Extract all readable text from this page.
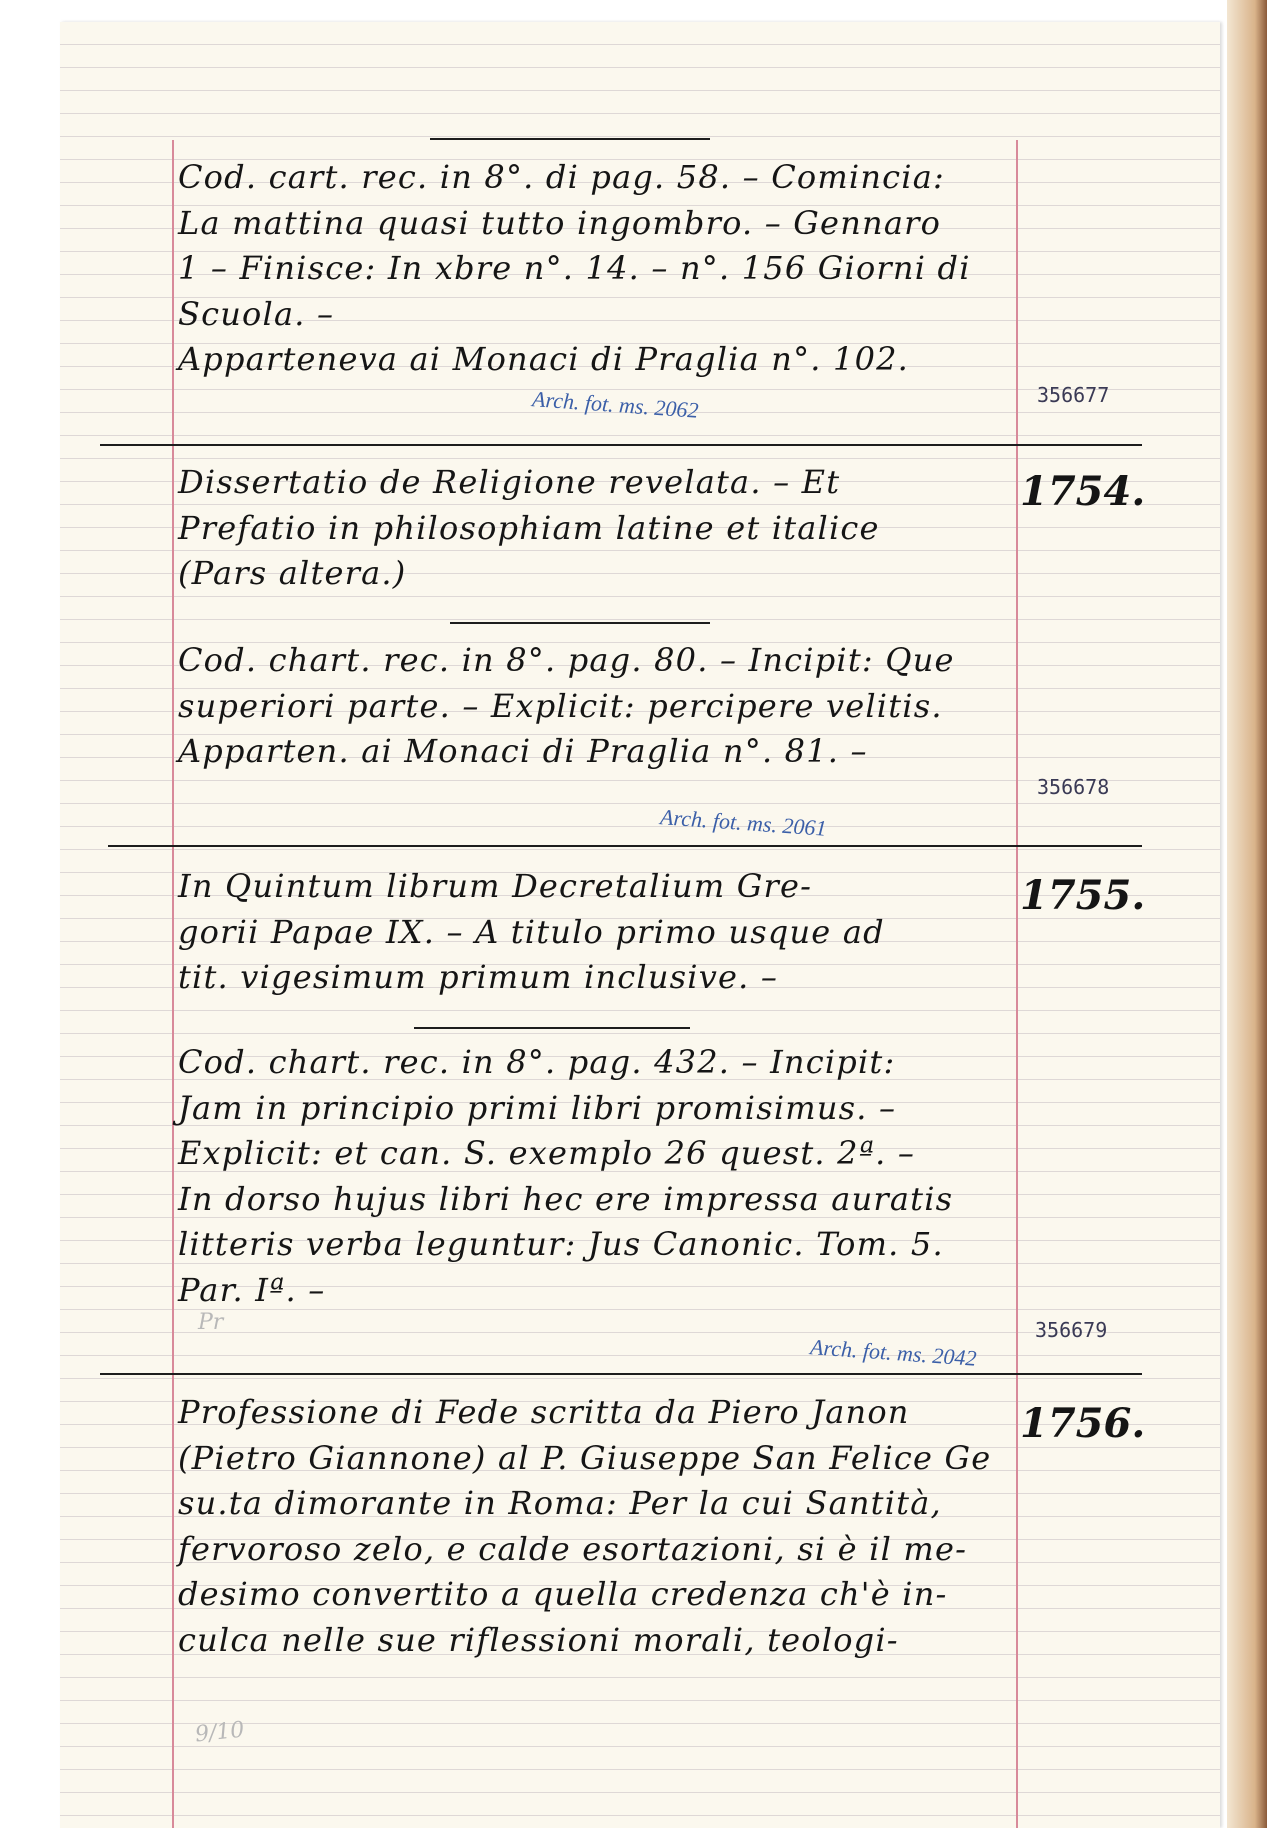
Cod. cart. rec. in 8°. di pag. 58. – Comincia:
La mattina quasi tutto ingombro. – Gennaro
1 – Finisce: In xbre n°. 14. – n°. 156 Giorni di
Scuola. –
Apparteneva ai Monaci di Praglia n°. 102.
Arch. fot. ms. 2062	356677
Dissertatio de Religione revelata. – Et
Prefatio in philosophiam latine et italice
(Pars altera.)
1754.
Cod. chart. rec. in 8°. pag. 80. – Incipit: Que
superiori parte. – Explicit: percipere velitis.
Apparten. ai Monaci di Praglia n°. 81. –
356678
Arch. fot. ms. 2061
In Quintum librum Decretalium Gre-
gorii Papae IX. – A titulo primo usque ad
tit. vigesimum primum inclusive. –
1755.
Cod. chart. rec. in 8°. pag. 432. – Incipit:
Jam in principio primi libri promisimus. –
Explicit: et can. S. exemplo 26 quest. 2ª. –
In dorso hujus libri hec ere impressa auratis
litteris verba leguntur: Jus Canonic. Tom. 5.
Par. Iª. –
Pr	356679
Arch. fot. ms. 2042
Professione di Fede scritta da Piero Janon
(Pietro Giannone) al P. Giuseppe San Felice Ge
su.ta dimorante in Roma: Per la cui Santità,
fervoroso zelo, e calde esortazioni, si è il me-
desimo convertito a quella credenza ch'è in-
culca nelle sue riflessioni morali, teologi-
1756.
9/10
